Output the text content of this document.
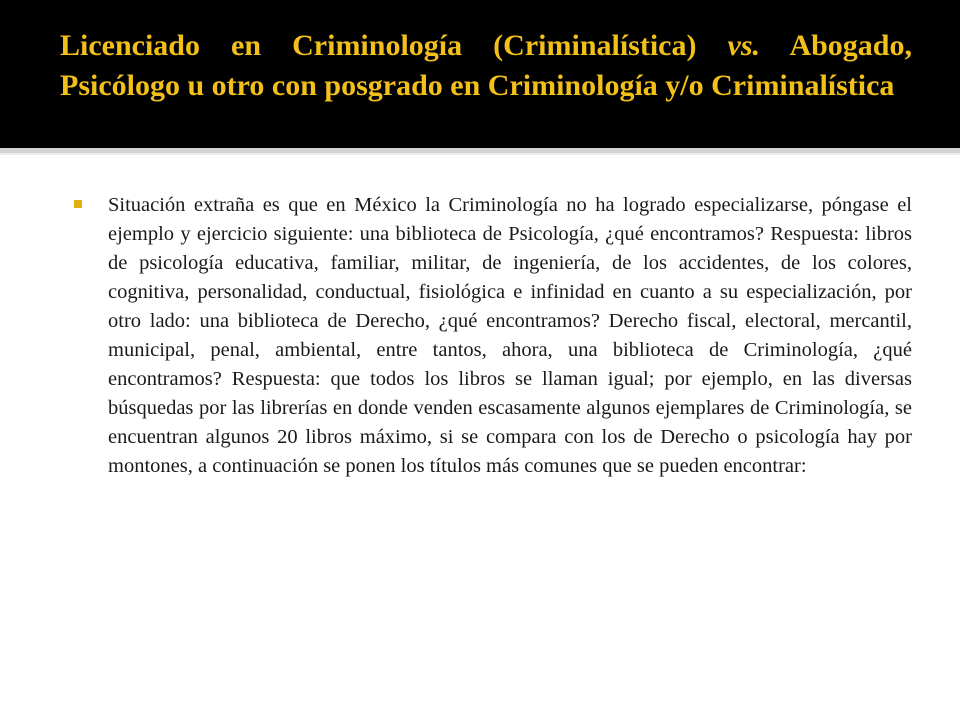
Licenciado en Criminología (Criminalística) vs. Abogado, Psicólogo u otro con posgrado en Criminología y/o Criminalística

Situación extraña es que en México la Criminología no ha logrado especializarse, póngase el ejemplo y ejercicio siguiente: una biblioteca de Psicología, ¿qué encontramos? Respuesta: libros de psicología educativa, familiar, militar, de ingeniería, de los accidentes, de los colores, cognitiva, personalidad, conductual, fisiológica e infinidad en cuanto a su especialización, por otro lado: una biblioteca de Derecho, ¿qué encontramos? Derecho fiscal, electoral, mercantil, municipal, penal, ambiental, entre tantos, ahora, una biblioteca de Criminología, ¿qué encontramos? Respuesta: que todos los libros se llaman igual; por ejemplo, en las diversas búsquedas por las librerías en donde venden escasamente algunos ejemplares de Criminología, se encuentran algunos 20 libros máximo, si se compara con los de Derecho o psicología hay por montones, a continuación se ponen los títulos más comunes que se pueden encontrar:
